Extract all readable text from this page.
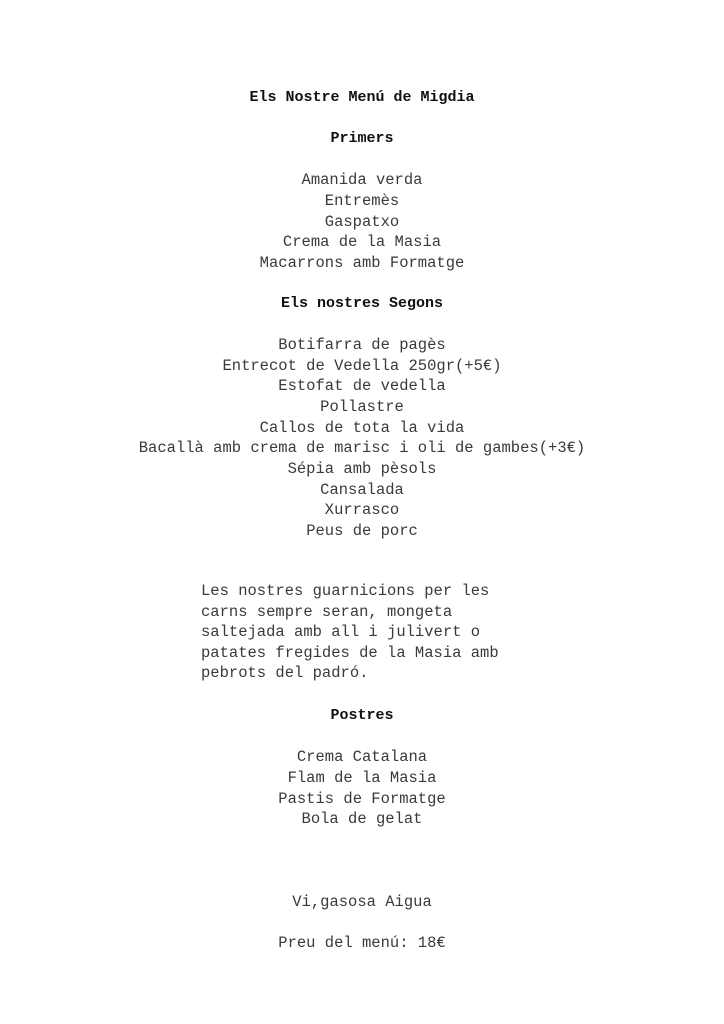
Els Nostre Menú de Migdia
Primers
Amanida verda
Entremès
Gaspatxo
Crema de la Masia
Macarrons amb Formatge
Els nostres Segons
Botifarra de pagès
Entrecot de Vedella 250gr(+5€)
Estofat de vedella
Pollastre
Callos de tota la vida
Bacallà amb crema de marisc i oli de gambes(+3€)
Sépia amb pèsols
Cansalada
Xurrasco
Peus de porc
Les nostres guarnicions per les
carns sempre seran, mongeta
saltejada amb all i julivert o
patates fregides de la Masia amb
pebrots del padró.
Postres
Crema Catalana
Flam de la Masia
Pastis de Formatge
Bola de gelat
Vi,gasosa Aigua
Preu del menú: 18€
